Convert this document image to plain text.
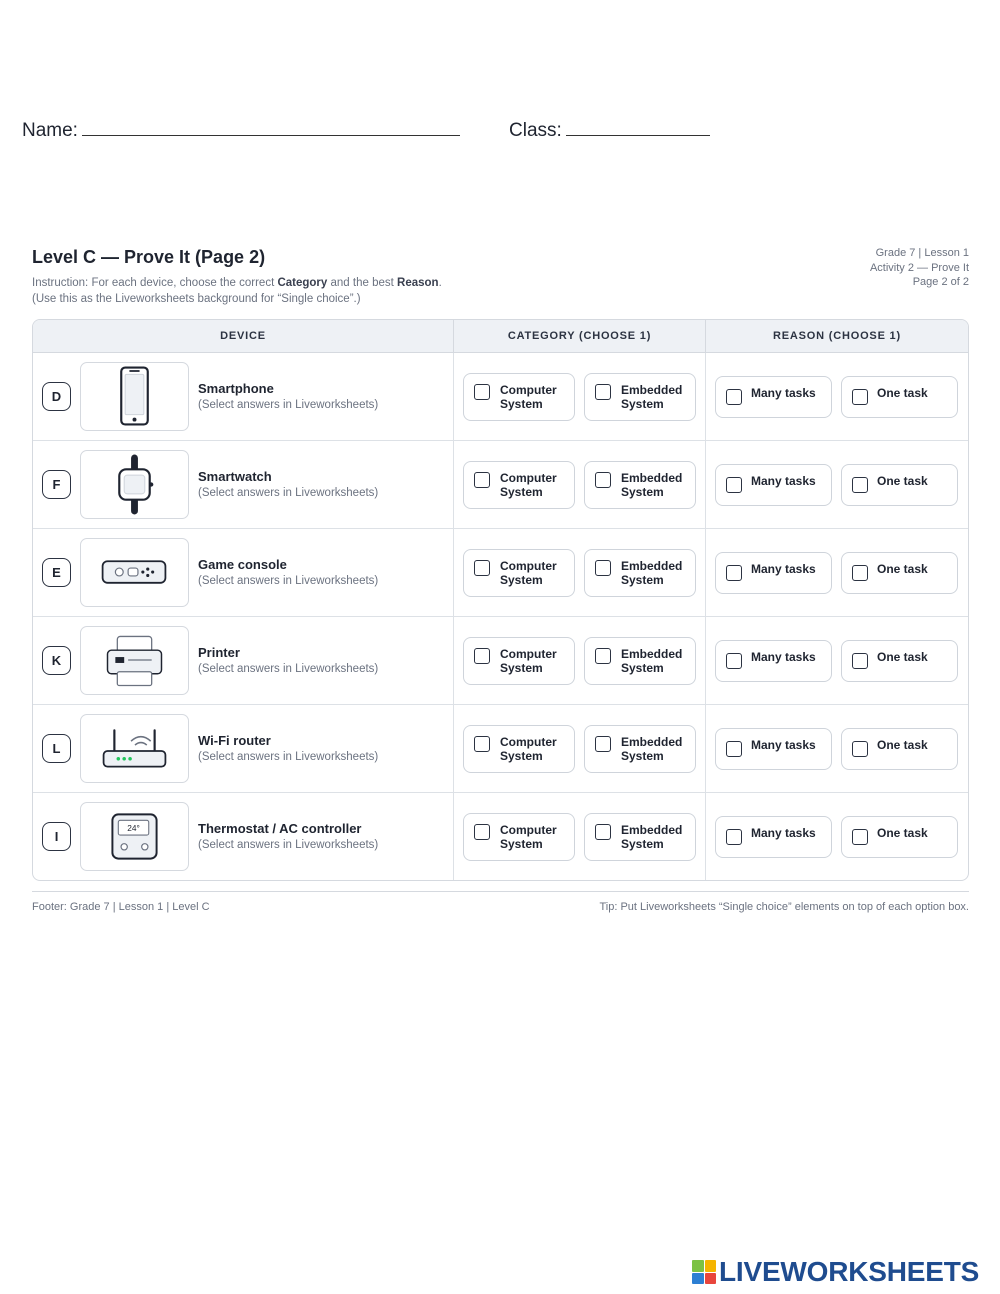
Name:	Class:
Level C — Prove It (Page 2)
Instruction: For each device, choose the correct Category and the best Reason.
(Use this as the Liveworksheets background for “Single choice”.)
Grade 7 | Lesson 1
Activity 2 — Prove It
Page 2 of 2
DEVICE	CATEGORY (CHOOSE 1)	REASON (CHOOSE 1)
D
Smartphone
(Select answers in Liveworksheets)
Computer System
Embedded System
Many tasks	One task
F
Smartwatch
(Select answers in Liveworksheets)
Computer System
Embedded System
Many tasks	One task
E
Game console
(Select answers in Liveworksheets)
Computer System
Embedded System
Many tasks	One task
K
Printer
(Select answers in Liveworksheets)
Computer System
Embedded System
Many tasks	One task
L
Wi-Fi router
(Select answers in Liveworksheets)
Computer System
Embedded System
Many tasks	One task
I
24°	Thermostat / AC controller
(Select answers in Liveworksheets)
Computer System
Embedded System
Many tasks	One task
Footer: Grade 7 | Lesson 1 | Level C	Tip: Put Liveworksheets “Single choice” elements on top of each option box.
LIVEWORKSHEETS
